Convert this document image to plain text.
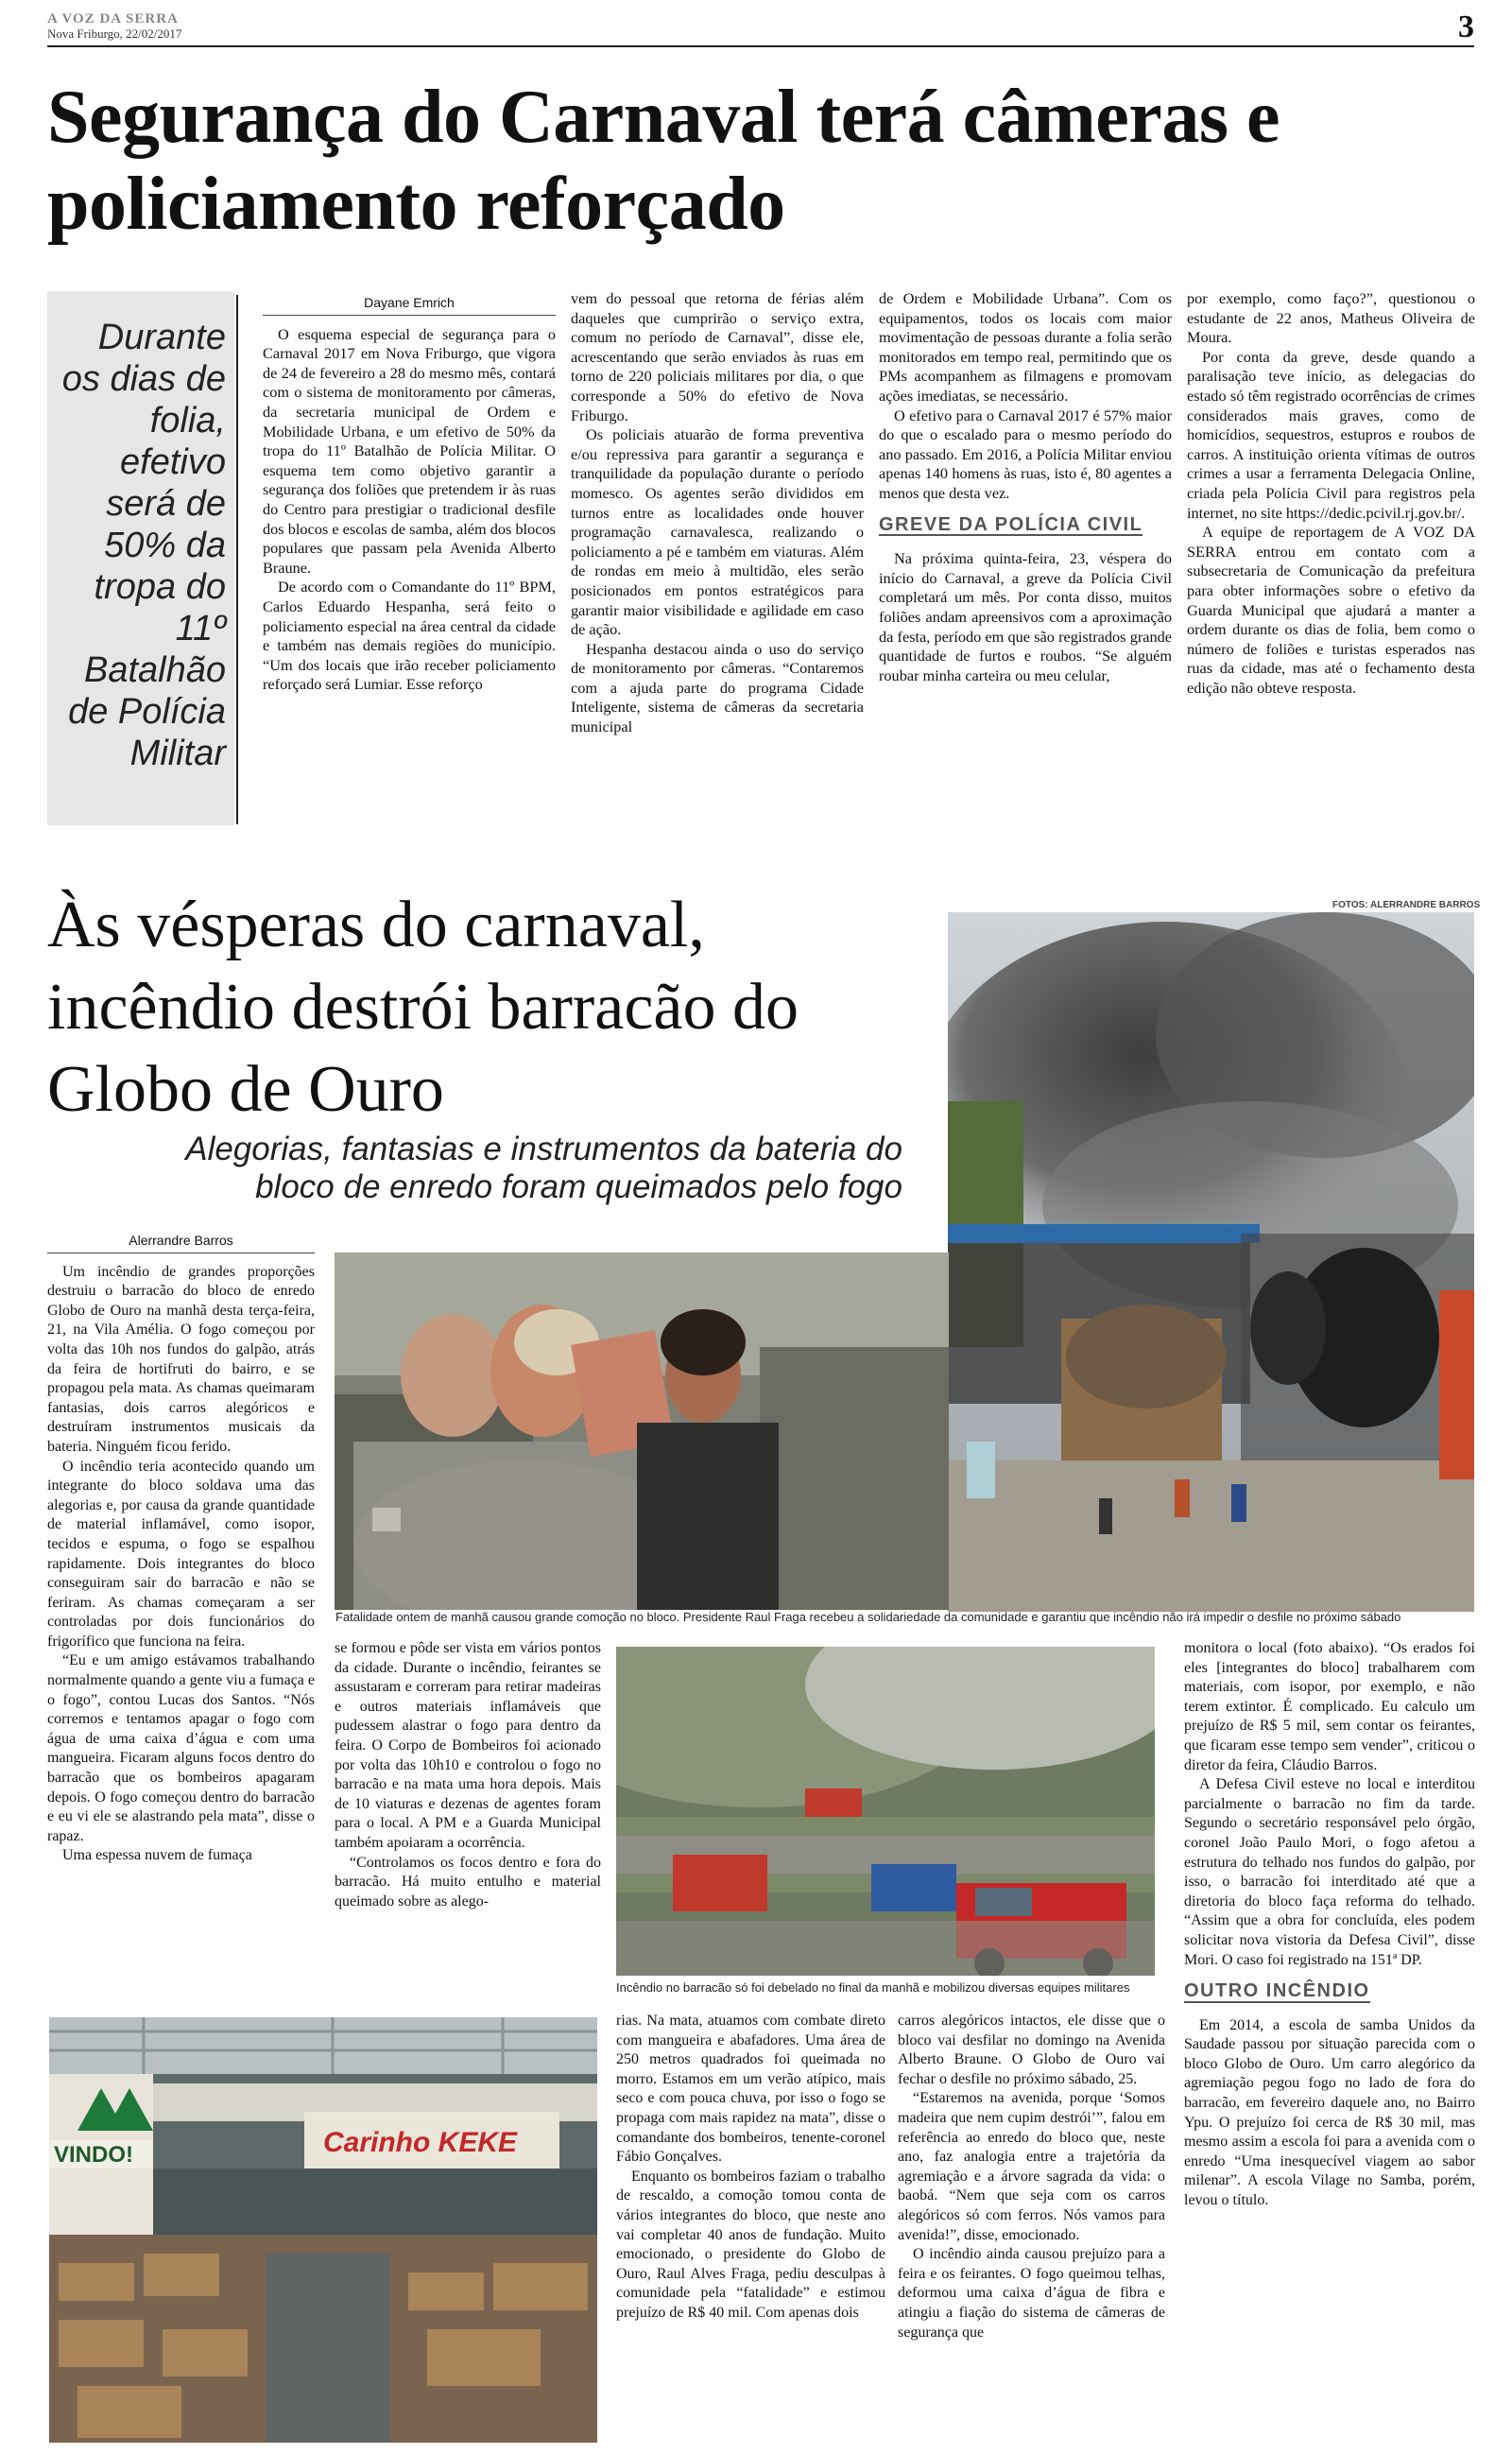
A VOZ DA SERRA
Nova Friburgo, 22/02/2017	3
Segurança do Carnaval terá câmeras e policiamento reforçado
Durante os dias de folia, efetivo será de 50% da tropa do 11º Batalhão de Polícia Militar
Dayane Emrich

O esquema especial de segurança para o Carnaval 2017 em Nova Friburgo, que vigora de 24 de fevereiro a 28 do mesmo mês, contará com o sistema de monitoramento por câmeras, da secretaria municipal de Ordem e Mobilidade Urbana, e um efetivo de 50% da tropa do 11º Batalhão de Polícia Militar. O esquema tem como objetivo garantir a segurança dos foliões que pretendem ir às ruas do Centro para prestigiar o tradicional desfile dos blocos e escolas de samba, além dos blocos populares que passam pela Avenida Alberto Braune.

De acordo com o Comandante do 11º BPM, Carlos Eduardo Hespanha, será feito o policiamento especial na área central da cidade e também nas demais regiões do município. “Um dos locais que irão receber policiamento reforçado será Lumiar. Esse reforço

vem do pessoal que retorna de férias além daqueles que cumprirão o serviço extra, comum no período de Carnaval”, disse ele, acrescentando que serão enviados às ruas em torno de 220 policiais militares por dia, o que corresponde a 50% do efetivo de Nova Friburgo.

Os policiais atuarão de forma preventiva e/ou repressiva para garantir a segurança e tranquilidade da população durante o período momesco. Os agentes serão divididos em turnos entre as localidades onde houver programação carnavalesca, realizando o policiamento a pé e também em viaturas. Além de rondas em meio à multidão, eles serão posicionados em pontos estratégicos para garantir maior visibilidade e agilidade em caso de ação.

Hespanha destacou ainda o uso do serviço de monitoramento por câmeras. “Contaremos com a ajuda parte do programa Cidade Inteligente, sistema de câmeras da secretaria municipal

de Ordem e Mobilidade Urbana”. Com os equipamentos, todos os locais com maior movimentação de pessoas durante a folia serão monitorados em tempo real, permitindo que os PMs acompanhem as filmagens e promovam ações imediatas, se necessário.

O efetivo para o Carnaval 2017 é 57% maior do que o escalado para o mesmo período do ano passado. Em 2016, a Polícia Militar enviou apenas 140 homens às ruas, isto é, 80 agentes a menos que desta vez.

GREVE DA POLÍCIA CIVIL

Na próxima quinta-feira, 23, véspera do início do Carnaval, a greve da Polícia Civil completará um mês. Por conta disso, muitos foliões andam apreensivos com a aproximação da festa, período em que são registrados grande quantidade de furtos e roubos. “Se alguém roubar minha carteira ou meu celular,

por exemplo, como faço?”, questionou o estudante de 22 anos, Matheus Oliveira de Moura.

Por conta da greve, desde quando a paralisação teve início, as delegacias do estado só têm registrado ocorrências de crimes considerados mais graves, como de homicídios, sequestros, estupros e roubos de carros. A instituição orienta vítimas de outros crimes a usar a ferramenta Delegacia Online, criada pela Polícia Civil para registros pela internet, no site https://dedic.pcivil.rj.gov.br/.

A equipe de reportagem de A VOZ DA SERRA entrou em contato com a subsecretaria de Comunicação da prefeitura para obter informações sobre o efetivo da Guarda Municipal que ajudará a manter a ordem durante os dias de folia, bem como o número de foliões e turistas esperados nas ruas da cidade, mas até o fechamento desta edição não obteve resposta.

Às vésperas do carnaval, incêndio destrói barracão do Globo de Ouro
Alegorias, fantasias e instrumentos da bateria do bloco de enredo foram queimados pelo fogo
FOTOS: ALERRANDRE BARROS
Fatalidade ontem de manhã causou grande comoção no bloco. Presidente Raul Fraga recebeu a solidariedade da comunidade e garantiu que incêndio não irá impedir o desfile no próximo sábado
Incêndio no barracão só foi debelado no final da manhã e mobilizou diversas equipes militares
VINDO!	Carinho KEKE
Alerrandre Barros

Um incêndio de grandes proporções destruiu o barracão do bloco de enredo Globo de Ouro na manhã desta terça-feira, 21, na Vila Amélia. O fogo começou por volta das 10h nos fundos do galpão, atrás da feira de hortifruti do bairro, e se propagou pela mata. As chamas queimaram fantasias, dois carros alegóricos e destruíram instrumentos musicais da bateria. Ninguém ficou ferido.

O incêndio teria acontecido quando um integrante do bloco soldava uma das alegorias e, por causa da grande quantidade de material inflamável, como isopor, tecidos e espuma, o fogo se espalhou rapidamente. Dois integrantes do bloco conseguiram sair do barracão e não se feriram. As chamas começaram a ser controladas por dois funcionários do frigorífico que funciona na feira.

“Eu e um amigo estávamos trabalhando normalmente quando a gente viu a fumaça e o fogo”, contou Lucas dos Santos. “Nós corremos e tentamos apagar o fogo com água de uma caixa d’água e com uma mangueira. Ficaram alguns focos dentro do barracão que os bombeiros apagaram depois. O fogo começou dentro do barracão e eu vi ele se alastrando pela mata”, disse o rapaz.

Uma espessa nuvem de fumaça

se formou e pôde ser vista em vários pontos da cidade. Durante o incêndio, feirantes se assustaram e correram para retirar madeiras e outros materiais inflamáveis que pudessem alastrar o fogo para dentro da feira. O Corpo de Bombeiros foi acionado por volta das 10h10 e controlou o fogo no barracão e na mata uma hora depois. Mais de 10 viaturas e dezenas de agentes foram para o local. A PM e a Guarda Municipal também apoiaram a ocorrência.

“Controlamos os focos dentro e fora do barracão. Há muito entulho e material queimado sobre as alego-

rias. Na mata, atuamos com combate direto com mangueira e abafadores. Uma área de 250 metros quadrados foi queimada no morro. Estamos em um verão atípico, mais seco e com pouca chuva, por isso o fogo se propaga com mais rapidez na mata”, disse o comandante dos bombeiros, tenente-coronel Fábio Gonçalves.

Enquanto os bombeiros faziam o trabalho de rescaldo, a comoção tomou conta de vários integrantes do bloco, que neste ano vai completar 40 anos de fundação. Muito emocionado, o presidente do Globo de Ouro, Raul Alves Fraga, pediu desculpas à comunidade pela “fatalidade” e estimou prejuízo de R$ 40 mil. Com apenas dois

carros alegóricos intactos, ele disse que o bloco vai desfilar no domingo na Avenida Alberto Braune. O Globo de Ouro vai fechar o desfile no próximo sábado, 25.

“Estaremos na avenida, porque ‘Somos madeira que nem cupim destrói’”, falou em referência ao enredo do bloco que, neste ano, faz analogia entre a trajetória da agremiação e a árvore sagrada da vida: o baobá. “Nem que seja com os carros alegóricos só com ferros. Nós vamos para avenida!”, disse, emocionado.

O incêndio ainda causou prejuízo para a feira e os feirantes. O fogo queimou telhas, deformou uma caixa d’água de fibra e atingiu a fiação do sistema de câmeras de segurança que

monitora o local (foto abaixo). “Os erados foi eles [integrantes do bloco] trabalharem com materiais, com isopor, por exemplo, e não terem extintor. É complicado. Eu calculo um prejuízo de R$ 5 mil, sem contar os feirantes, que ficaram esse tempo sem vender”, criticou o diretor da feira, Cláudio Barros.

A Defesa Civil esteve no local e interditou parcialmente o barracão no fim da tarde. Segundo o secretário responsável pelo órgão, coronel João Paulo Mori, o fogo afetou a estrutura do telhado nos fundos do galpão, por isso, o barracão foi interditado até que a diretoria do bloco faça reforma do telhado. “Assim que a obra for concluída, eles podem solicitar nova vistoria da Defesa Civil”, disse Mori. O caso foi registrado na 151ª DP.

OUTRO INCÊNDIO

Em 2014, a escola de samba Unidos da Saudade passou por situação parecida com o bloco Globo de Ouro. Um carro alegórico da agremiação pegou fogo no lado de fora do barracão, em fevereiro daquele ano, no Bairro Ypu. O prejuízo foi cerca de R$ 30 mil, mas mesmo assim a escola foi para a avenida com o enredo “Uma inesquecível viagem ao sabor milenar”. A escola Vilage no Samba, porém, levou o título.
